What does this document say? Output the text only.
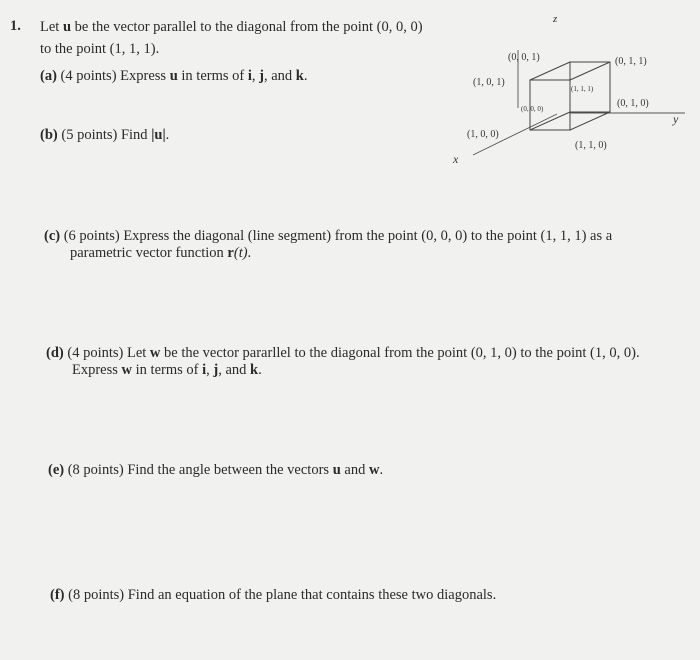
1. Let u be the vector parallel to the diagonal from the point (0, 0, 0)
to the point (1, 1, 1).
(a) (4 points) Express u in terms of i, j, and k.
(b) (5 points) Find |u|.
(c) (6 points) Express the diagonal (line segment) from the point (0, 0, 0) to the point (1, 1, 1) as a
parametric vector function r(t).
(d) (4 points) Let w be the vector pararllel to the diagonal from the point (0, 1, 0) to the point (1, 0, 0).
Express w in terms of i, j, and k.
(e) (8 points) Find the angle between the vectors u and w.
(f) (8 points) Find an equation of the plane that contains these two diagonals.
z
y
x
(0, 0, 1)	(0, 1, 1)
(1, 0, 1)
(1, 1, 1)
(0, 0, 0)	(0, 1, 0)
(1, 0, 0)
(1, 1, 0)
